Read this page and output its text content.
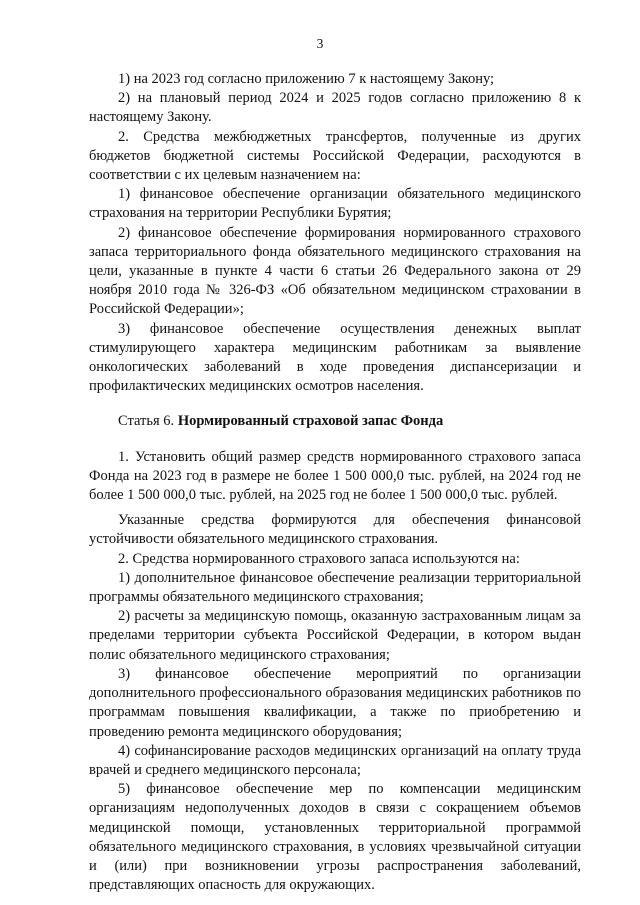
3

1) на 2023 год согласно приложению 7 к настоящему Закону;

2) на плановый период 2024 и 2025 годов согласно приложению 8 к настоящему Закону.

2. Средства межбюджетных трансфертов, полученные из других бюджетов бюджетной системы Российской Федерации, расходуются в соответствии с их целевым назначением на:

1) финансовое обеспечение организации обязательного медицинского страхования на территории Республики Бурятия;

2) финансовое обеспечение формирования нормированного страхового запаса территориального фонда обязательного медицинского страхования на цели, указанные в пункте 4 части 6 статьи 26 Федерального закона от 29 ноября 2010 года № 326-ФЗ «Об обязательном медицинском страховании в Российской Федерации»;

3) финансовое обеспечение осуществления денежных выплат стимулирующего характера медицинским работникам за выявление онкологических заболеваний в ходе проведения диспансеризации и профилактических медицинских осмотров населения.

Статья 6. Нормированный страховой запас Фонда

1. Установить общий размер средств нормированного страхового запаса Фонда на 2023 год в размере не более 1 500 000,0 тыс. рублей, на 2024 год не более 1 500 000,0 тыс. рублей, на 2025 год не более 1 500 000,0 тыс. рублей.

Указанные средства формируются для обеспечения финансовой устойчивости обязательного медицинского страхования.

2. Средства нормированного страхового запаса используются на:

1) дополнительное финансовое обеспечение реализации территориальной программы обязательного медицинского страхования;

2) расчеты за медицинскую помощь, оказанную застрахованным лицам за пределами территории субъекта Российской Федерации, в котором выдан полис обязательного медицинского страхования;

3) финансовое обеспечение мероприятий по организации дополнительного профессионального образования медицинских работников по программам повышения квалификации, а также по приобретению и проведению ремонта медицинского оборудования;

4) софинансирование расходов медицинских организаций на оплату труда врачей и среднего медицинского персонала;

5) финансовое обеспечение мер по компенсации медицинским организациям недополученных доходов в связи с сокращением объемов медицинской помощи, установленных территориальной программой обязательного медицинского страхования, в условиях чрезвычайной ситуации и (или) при возникновении угрозы распространения заболеваний, представляющих опасность для окружающих.
